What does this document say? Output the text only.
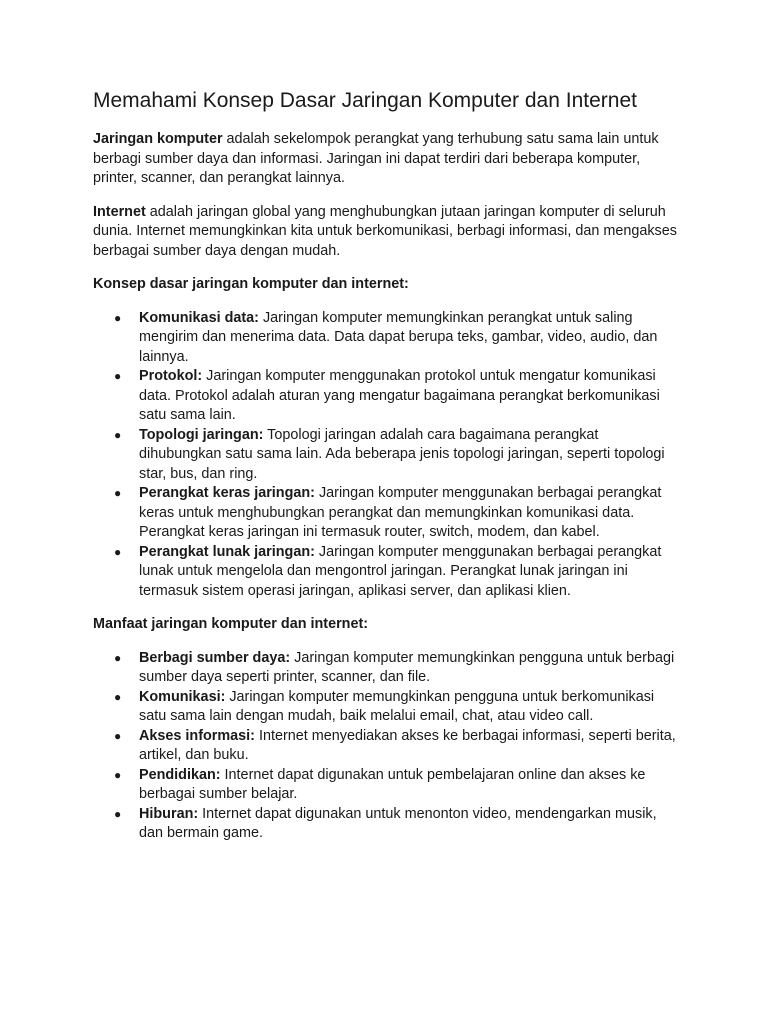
Memahami Konsep Dasar Jaringan Komputer dan Internet

Jaringan komputer adalah sekelompok perangkat yang terhubung satu sama lain untuk berbagi sumber daya dan informasi. Jaringan ini dapat terdiri dari beberapa komputer, printer, scanner, dan perangkat lainnya.

Internet adalah jaringan global yang menghubungkan jutaan jaringan komputer di seluruh dunia. Internet memungkinkan kita untuk berkomunikasi, berbagi informasi, dan mengakses berbagai sumber daya dengan mudah.

Konsep dasar jaringan komputer dan internet:

● Komunikasi data: Jaringan komputer memungkinkan perangkat untuk saling mengirim dan menerima data. Data dapat berupa teks, gambar, video, audio, dan lainnya.
● Protokol: Jaringan komputer menggunakan protokol untuk mengatur komunikasi data. Protokol adalah aturan yang mengatur bagaimana perangkat berkomunikasi satu sama lain.
● Topologi jaringan: Topologi jaringan adalah cara bagaimana perangkat dihubungkan satu sama lain. Ada beberapa jenis topologi jaringan, seperti topologi star, bus, dan ring.
● Perangkat keras jaringan: Jaringan komputer menggunakan berbagai perangkat keras untuk menghubungkan perangkat dan memungkinkan komunikasi data. Perangkat keras jaringan ini termasuk router, switch, modem, dan kabel.
● Perangkat lunak jaringan: Jaringan komputer menggunakan berbagai perangkat lunak untuk mengelola dan mengontrol jaringan. Perangkat lunak jaringan ini termasuk sistem operasi jaringan, aplikasi server, dan aplikasi klien.

Manfaat jaringan komputer dan internet:

● Berbagi sumber daya: Jaringan komputer memungkinkan pengguna untuk berbagi sumber daya seperti printer, scanner, dan file.
● Komunikasi: Jaringan komputer memungkinkan pengguna untuk berkomunikasi satu sama lain dengan mudah, baik melalui email, chat, atau video call.
● Akses informasi: Internet menyediakan akses ke berbagai informasi, seperti berita, artikel, dan buku.
● Pendidikan: Internet dapat digunakan untuk pembelajaran online dan akses ke berbagai sumber belajar.
● Hiburan: Internet dapat digunakan untuk menonton video, mendengarkan musik, dan bermain game.
